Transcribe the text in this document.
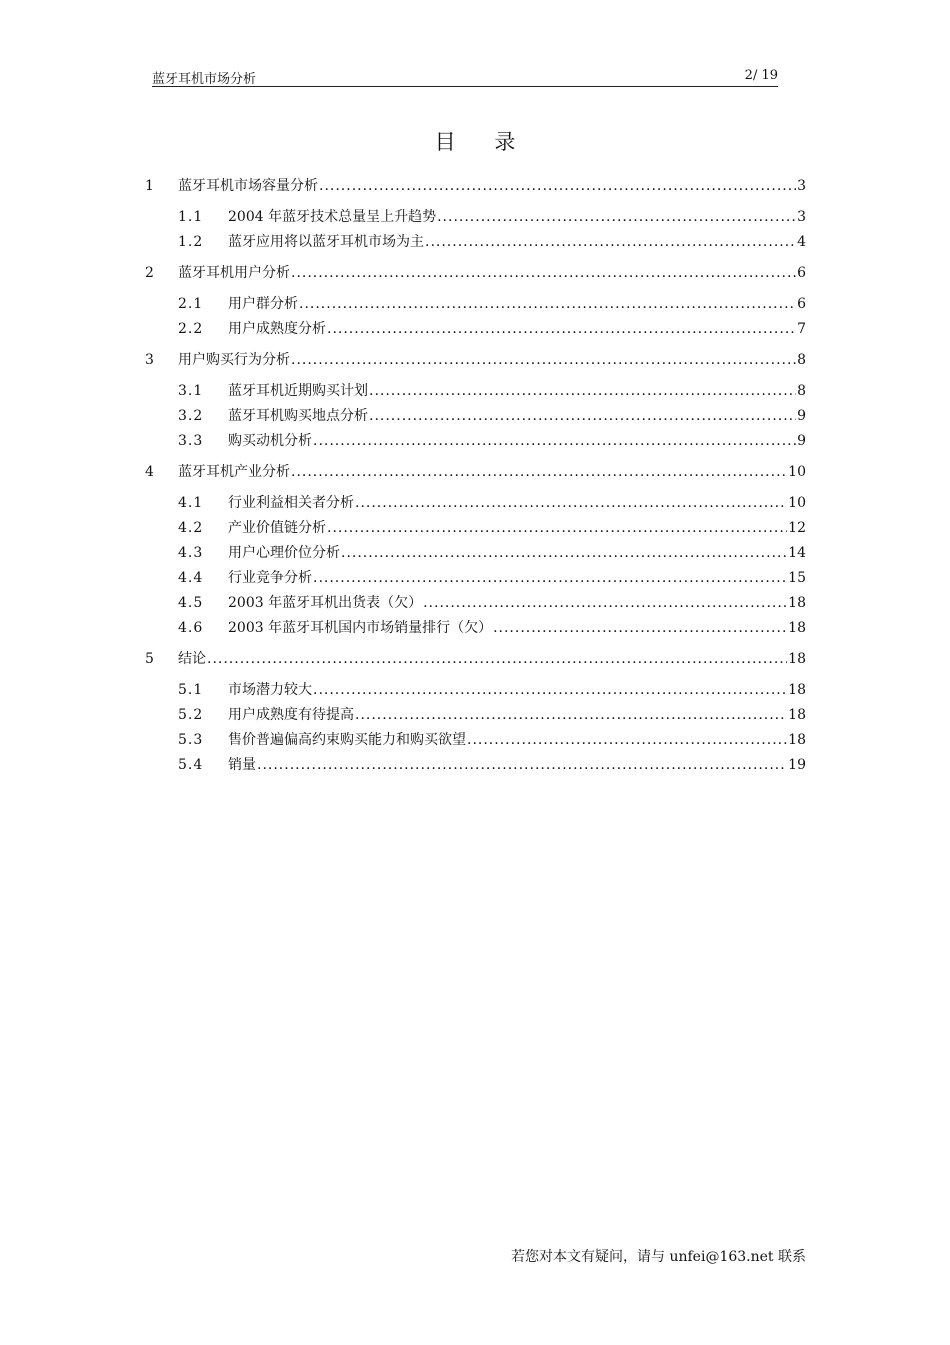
蓝牙耳机市场分析	2/ 19
目 录
1	蓝牙耳机市场容量分析 .....	3
1.1	2004 年蓝牙技术总量呈上升趋势 .....	3
1.2	蓝牙应用将以蓝牙耳机市场为主 .....	4
2	蓝牙耳机用户分析 .....	6
2.1	用户群分析 .....	6
2.2	用户成熟度分析 .....	7
3	用户购买行为分析 .....	8
3.1	蓝牙耳机近期购买计划 .....	8
3.2	蓝牙耳机购买地点分析 .....	9
3.3	购买动机分析 .....	9
4	蓝牙耳机产业分析 .....	10
4.1	行业利益相关者分析 .....	10
4.2	产业价值链分析 .....	12
4.3	用户心理价位分析 .....	14
4.4	行业竞争分析 .....	15
4.5	2003 年蓝牙耳机出货表（欠） .....	18
4.6	2003 年蓝牙耳机国内市场销量排行（欠） .....	18
5	结论 .....	18
5.1	市场潜力较大 .....	18
5.2	用户成熟度有待提高 .....	18
5.3	售价普遍偏高约束购买能力和购买欲望 .....	18
5.4	销量 .....	19
若您对本文有疑问，请与 unfei@163.net 联系
